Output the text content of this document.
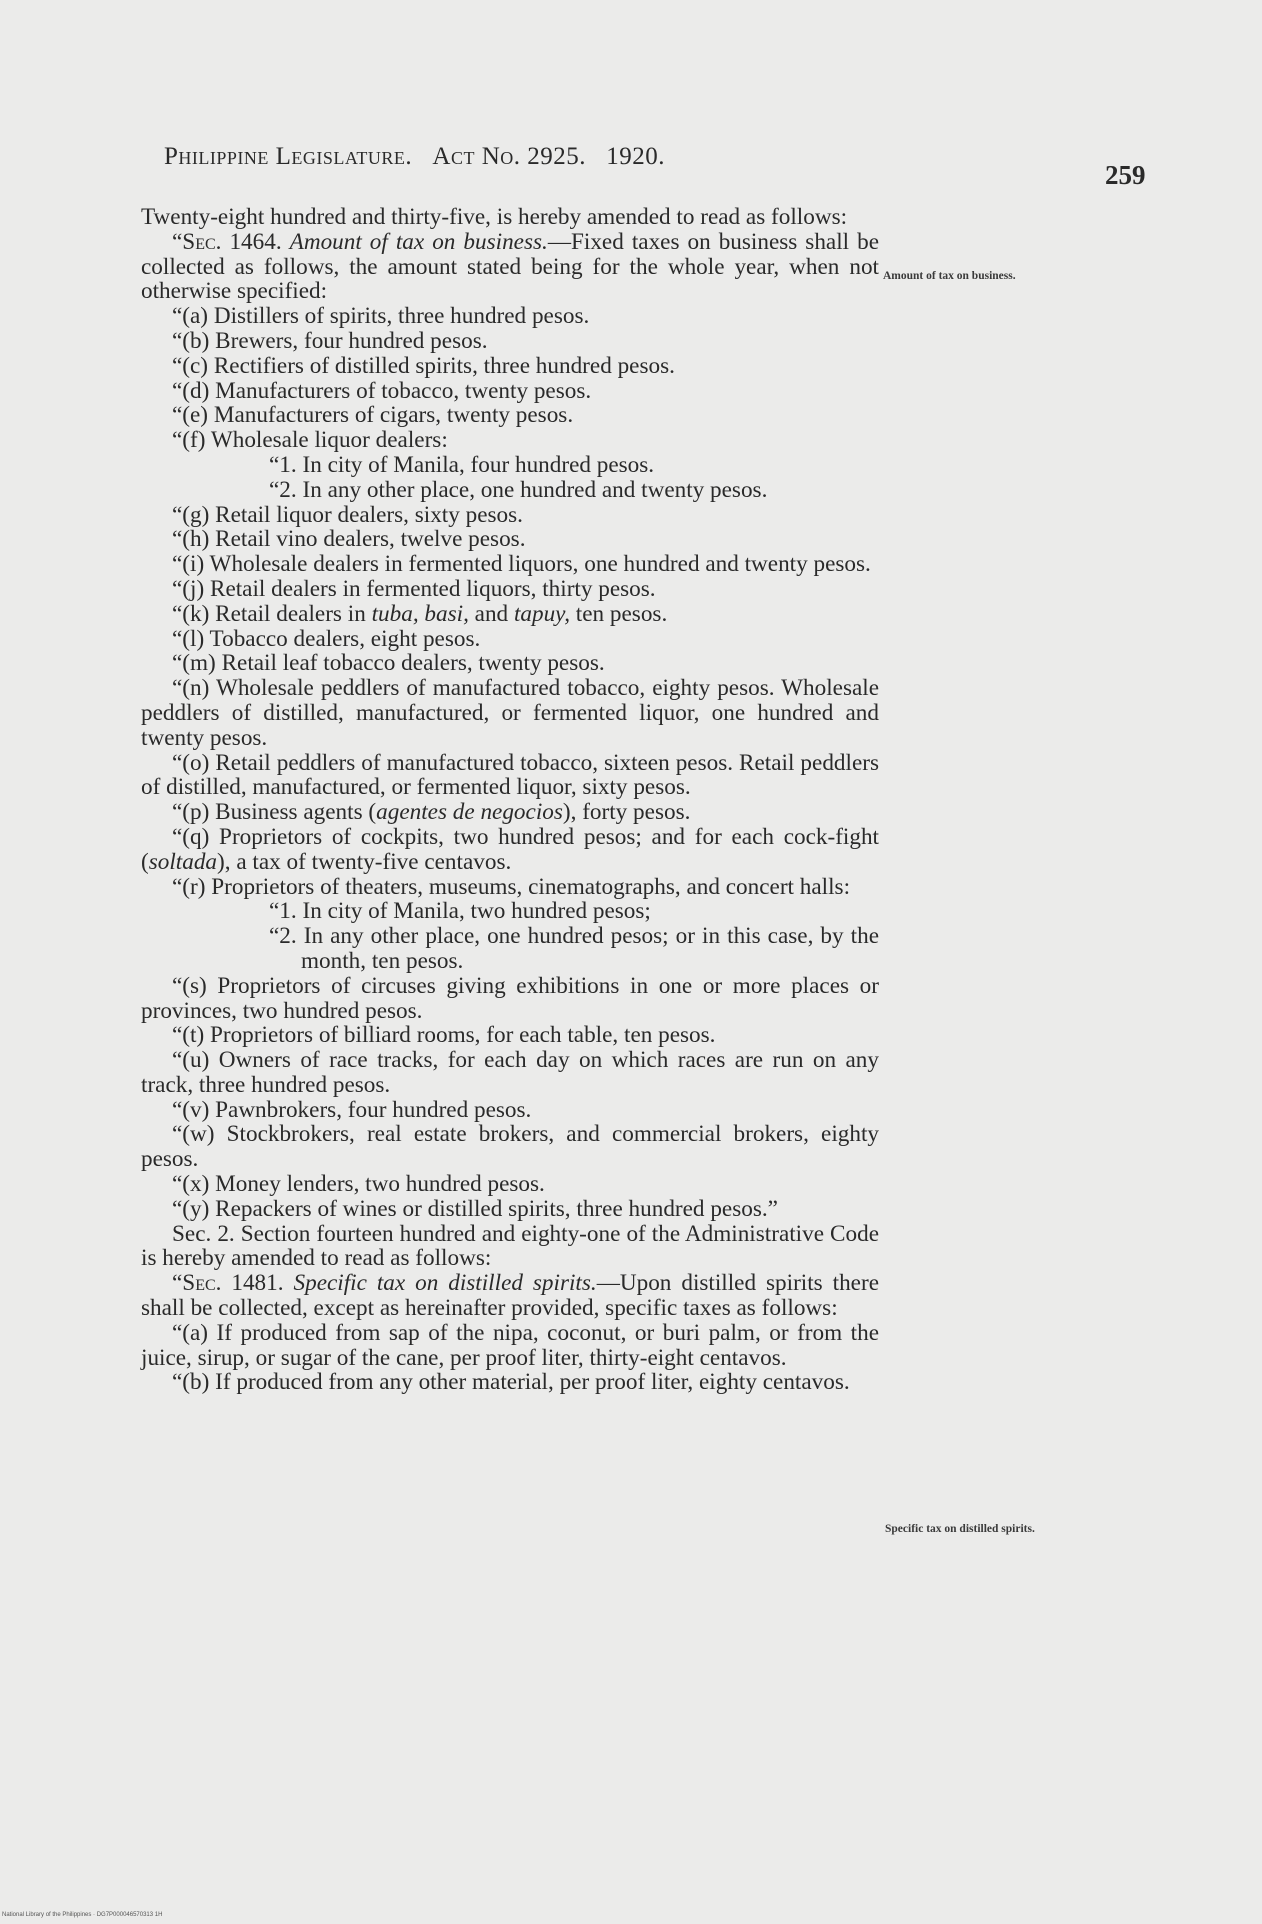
Philippine Legislature. Act No. 2925. 1920.
259
Amount of tax on business.
Specific tax on distilled spirits.

Twenty-eight hundred and thirty-five, is hereby amended to read as follows:

“Sec. 1464. Amount of tax on business.—Fixed taxes on business shall be collected as follows, the amount stated being for the whole year, when not otherwise specified:

“(a) Distillers of spirits, three hundred pesos.

“(b) Brewers, four hundred pesos.

“(c) Rectifiers of distilled spirits, three hundred pesos.

“(d) Manufacturers of tobacco, twenty pesos.

“(e) Manufacturers of cigars, twenty pesos.

“(f) Wholesale liquor dealers:

“1. In city of Manila, four hundred pesos.

“2. In any other place, one hundred and twenty pesos.

“(g) Retail liquor dealers, sixty pesos.

“(h) Retail vino dealers, twelve pesos.

“(i) Wholesale dealers in fermented liquors, one hundred and twenty pesos.

“(j) Retail dealers in fermented liquors, thirty pesos.

“(k) Retail dealers in tuba, basi, and tapuy, ten pesos.

“(l) Tobacco dealers, eight pesos.

“(m) Retail leaf tobacco dealers, twenty pesos.

“(n) Wholesale peddlers of manufactured tobacco, eighty pesos. Wholesale peddlers of distilled, manufactured, or fermented liquor, one hundred and twenty pesos.

“(o) Retail peddlers of manufactured tobacco, sixteen pesos. Retail peddlers of distilled, manufactured, or fermented liquor, sixty pesos.

“(p) Business agents (agentes de negocios), forty pesos.

“(q) Proprietors of cockpits, two hundred pesos; and for each cock-fight (soltada), a tax of twenty-five centavos.

“(r) Proprietors of theaters, museums, cinematographs, and concert halls:

“1. In city of Manila, two hundred pesos;

“2. In any other place, one hundred pesos; or in this case, by the month, ten pesos.

“(s) Proprietors of circuses giving exhibitions in one or more places or provinces, two hundred pesos.

“(t) Proprietors of billiard rooms, for each table, ten pesos.

“(u) Owners of race tracks, for each day on which races are run on any track, three hundred pesos.

“(v) Pawnbrokers, four hundred pesos.

“(w) Stockbrokers, real estate brokers, and commercial brokers, eighty pesos.

“(x) Money lenders, two hundred pesos.

“(y) Repackers of wines or distilled spirits, three hundred pesos.”

Sec. 2. Section fourteen hundred and eighty-one of the Administrative Code is hereby amended to read as follows:

“Sec. 1481. Specific tax on distilled spirits.—Upon distilled spirits there shall be collected, except as hereinafter provided, specific taxes as follows:

“(a) If produced from sap of the nipa, coconut, or buri palm, or from the juice, sirup, or sugar of the cane, per proof liter, thirty-eight centavos.

“(b) If produced from any other material, per proof liter, eighty centavos.

National Library of the Philippines · DG7P000046570313 1H
